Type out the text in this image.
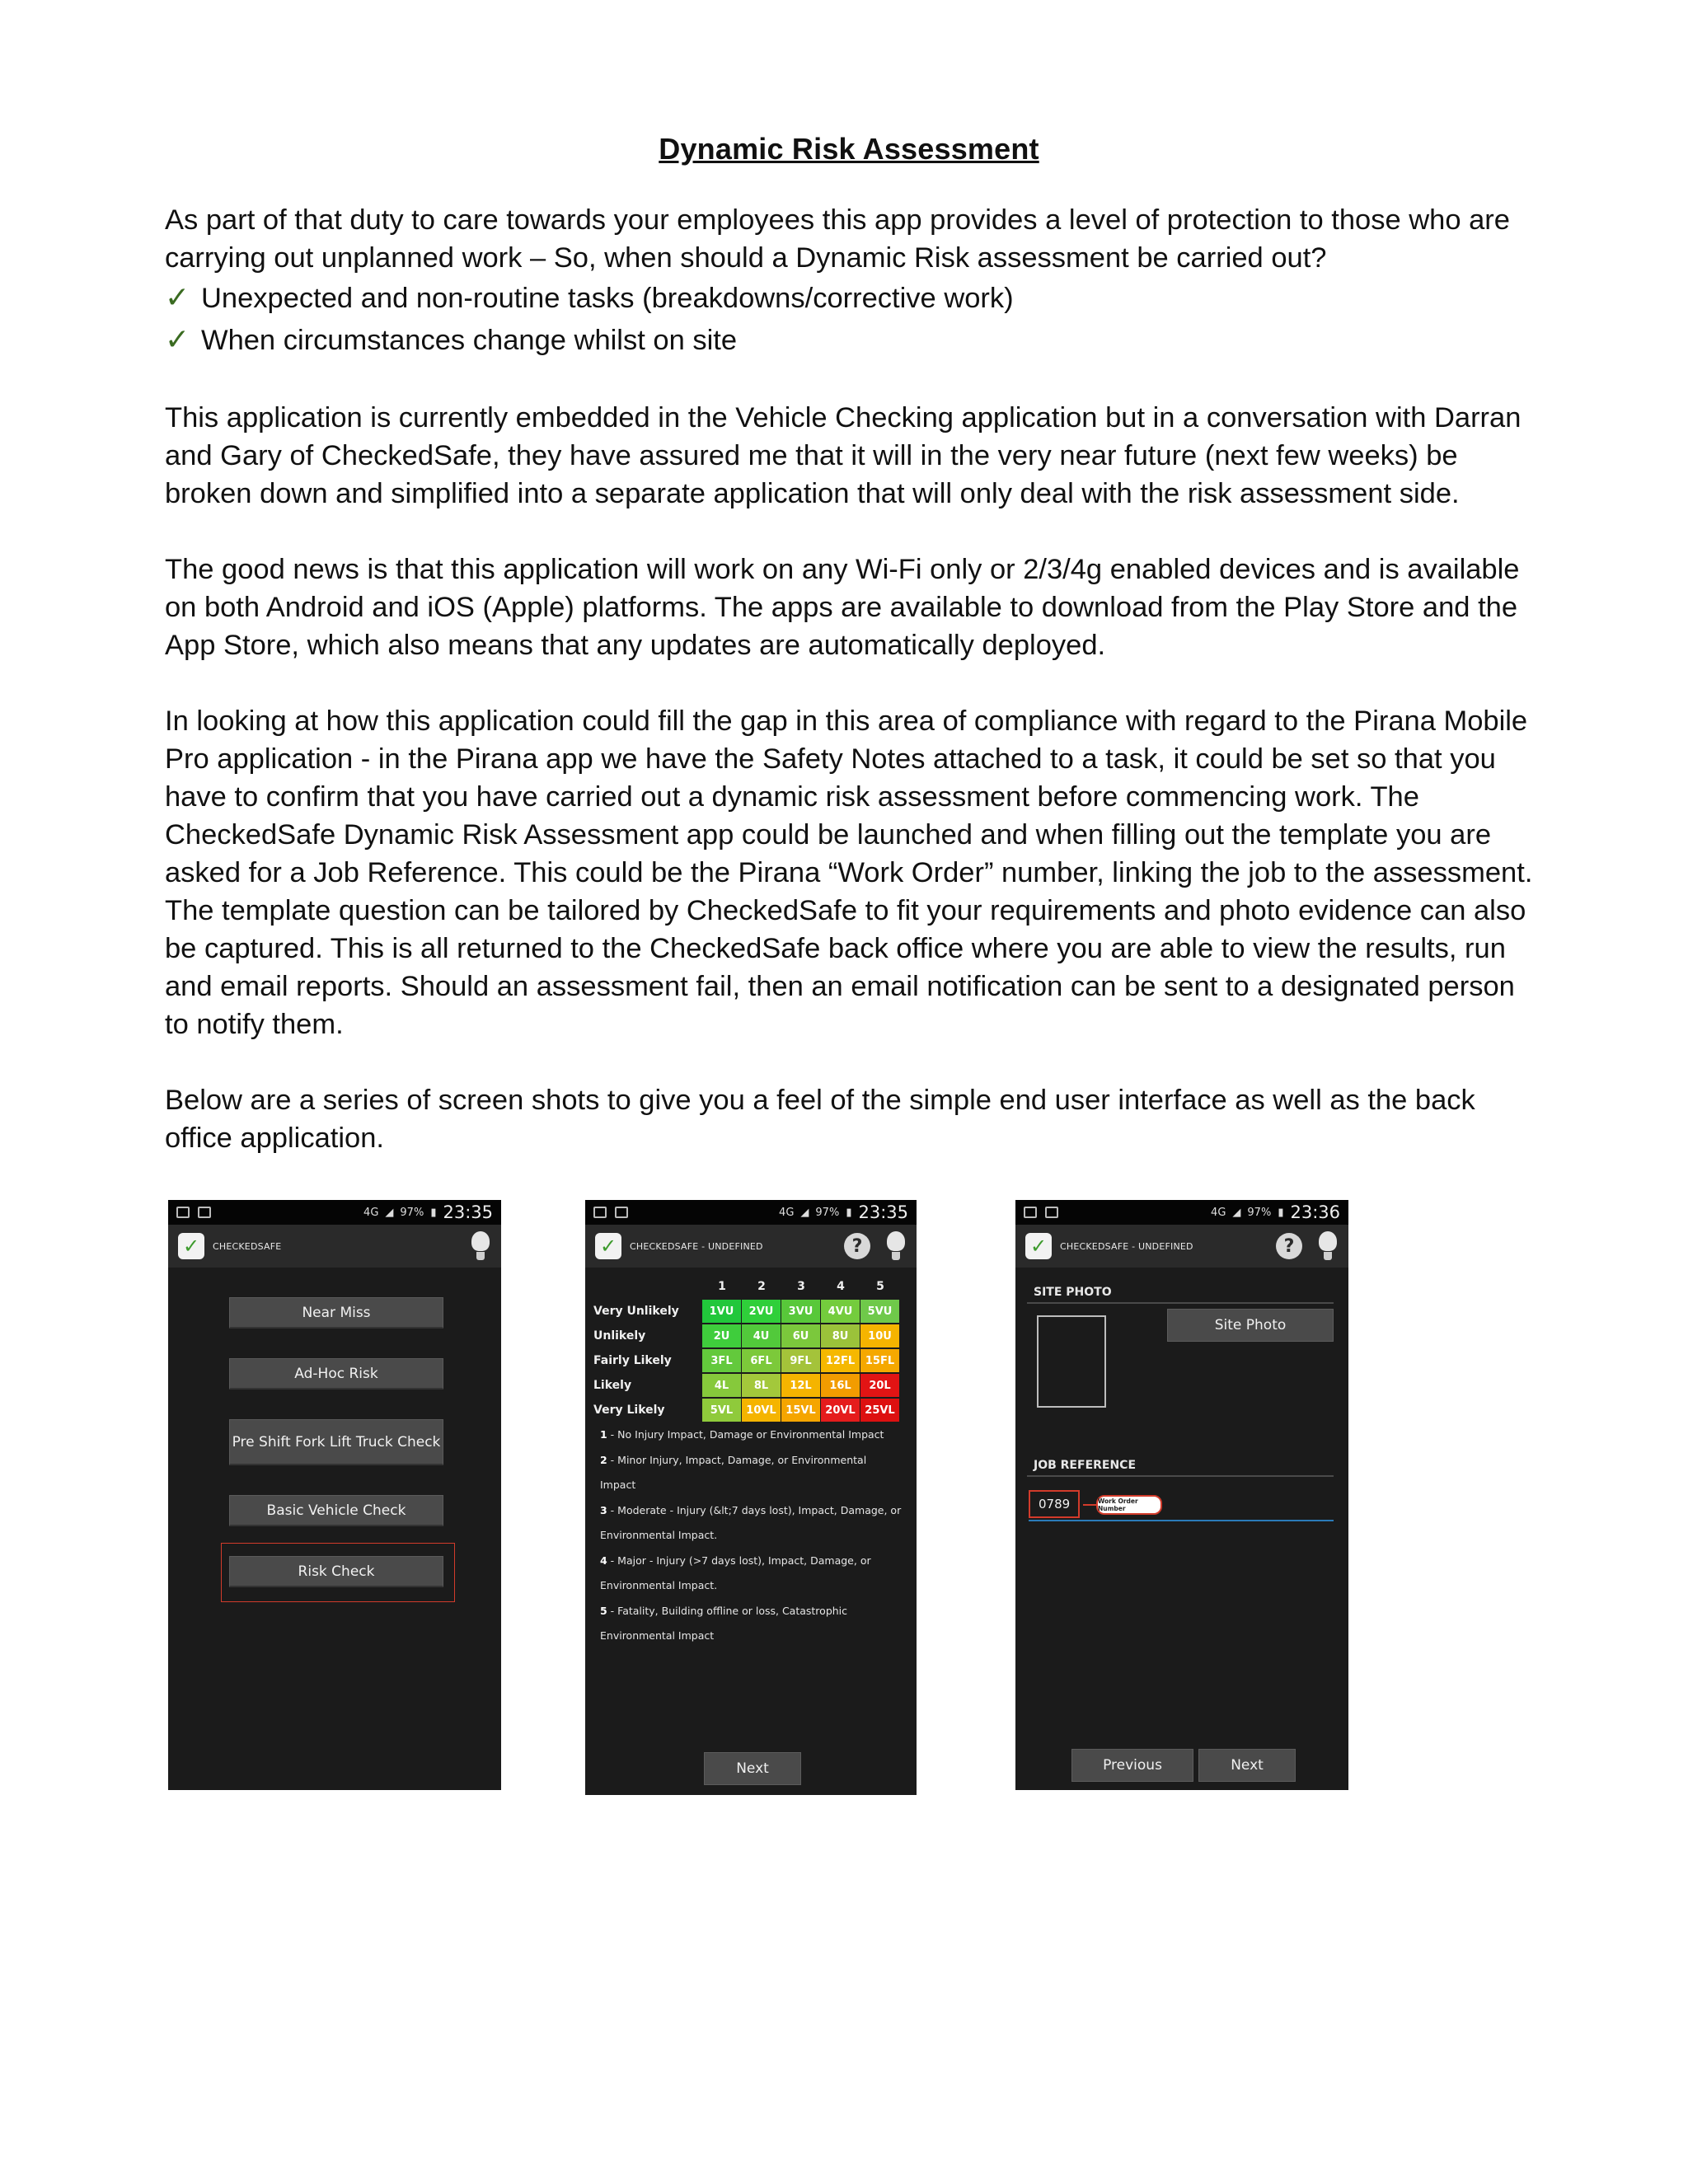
Dynamic Risk Assessment

As part of that duty to care towards your employees this app provides a level of protection to those who are carrying out unplanned work – So, when should a Dynamic Risk assessment be carried out?

✓ Unexpected and non-routine tasks (breakdowns/corrective work)
✓ When circumstances change whilst on site

This application is currently embedded in the Vehicle Checking application but in a conversation with Darran and Gary of CheckedSafe, they have assured me that it will in the very near future (next few weeks) be broken down and simplified into a separate application that will only deal with the risk assessment side.

The good news is that this application will work on any Wi-Fi only or 2/3/4g enabled devices and is available on both Android and iOS (Apple) platforms. The apps are available to download from the Play Store and the App Store, which also means that any updates are automatically deployed.

In looking at how this application could fill the gap in this area of compliance with regard to the Pirana Mobile Pro application - in the Pirana app we have the Safety Notes attached to a task, it could be set so that you have to confirm that you have carried out a dynamic risk assessment before commencing work. The CheckedSafe Dynamic Risk Assessment app could be launched and when filling out the template you are asked for a Job Reference. This could be the Pirana “Work Order” number, linking the job to the assessment. The template question can be tailored by CheckedSafe to fit your requirements and photo evidence can also be captured. This is all returned to the CheckedSafe back office where you are able to view the results, run and email reports. Should an assessment fail, then an email notification can be sent to a designated person to notify them.

Below are a series of screen shots to give you a feel of the simple end user interface as well as the back office application.

4G ◢ 97% ▮ 23:35
✓	CHECKEDSAFE
Near Miss
Ad-Hoc Risk
Pre Shift Fork Lift Truck Check
Basic Vehicle Check
Risk Check
4G ◢ 97% ▮ 23:35
✓	CHECKEDSAFE - UNDEFINED	?
1	2	3	4	5
Very Unlikely	1VU	2VU	3VU	4VU	5VU
Unlikely	2U	4U	6U	8U	10U
Fairly Likely	3FL	6FL	9FL	12FL 15FL
Likely	4L	8L	12L	16L	20L
Very Likely	5VL	10VL 15VL 20VL 25VL
1 - No Injury Impact, Damage or Environmental Impact
2 - Minor Injury, Impact, Damage, or Environmental Impact
3 - Moderate - Injury (&lt;7 days lost), Impact, Damage, or Environmental Impact.
4 - Major - Injury (>7 days lost), Impact, Damage, or Environmental Impact.
5 - Fatality, Building offline or loss, Catastrophic Environmental Impact
Next
4G ◢ 97% ▮ 23:36
✓	CHECKEDSAFE - UNDEFINED	?
SITE PHOTO
Site Photo
JOB REFERENCE
0789	Work Order Number
Previous	Next
